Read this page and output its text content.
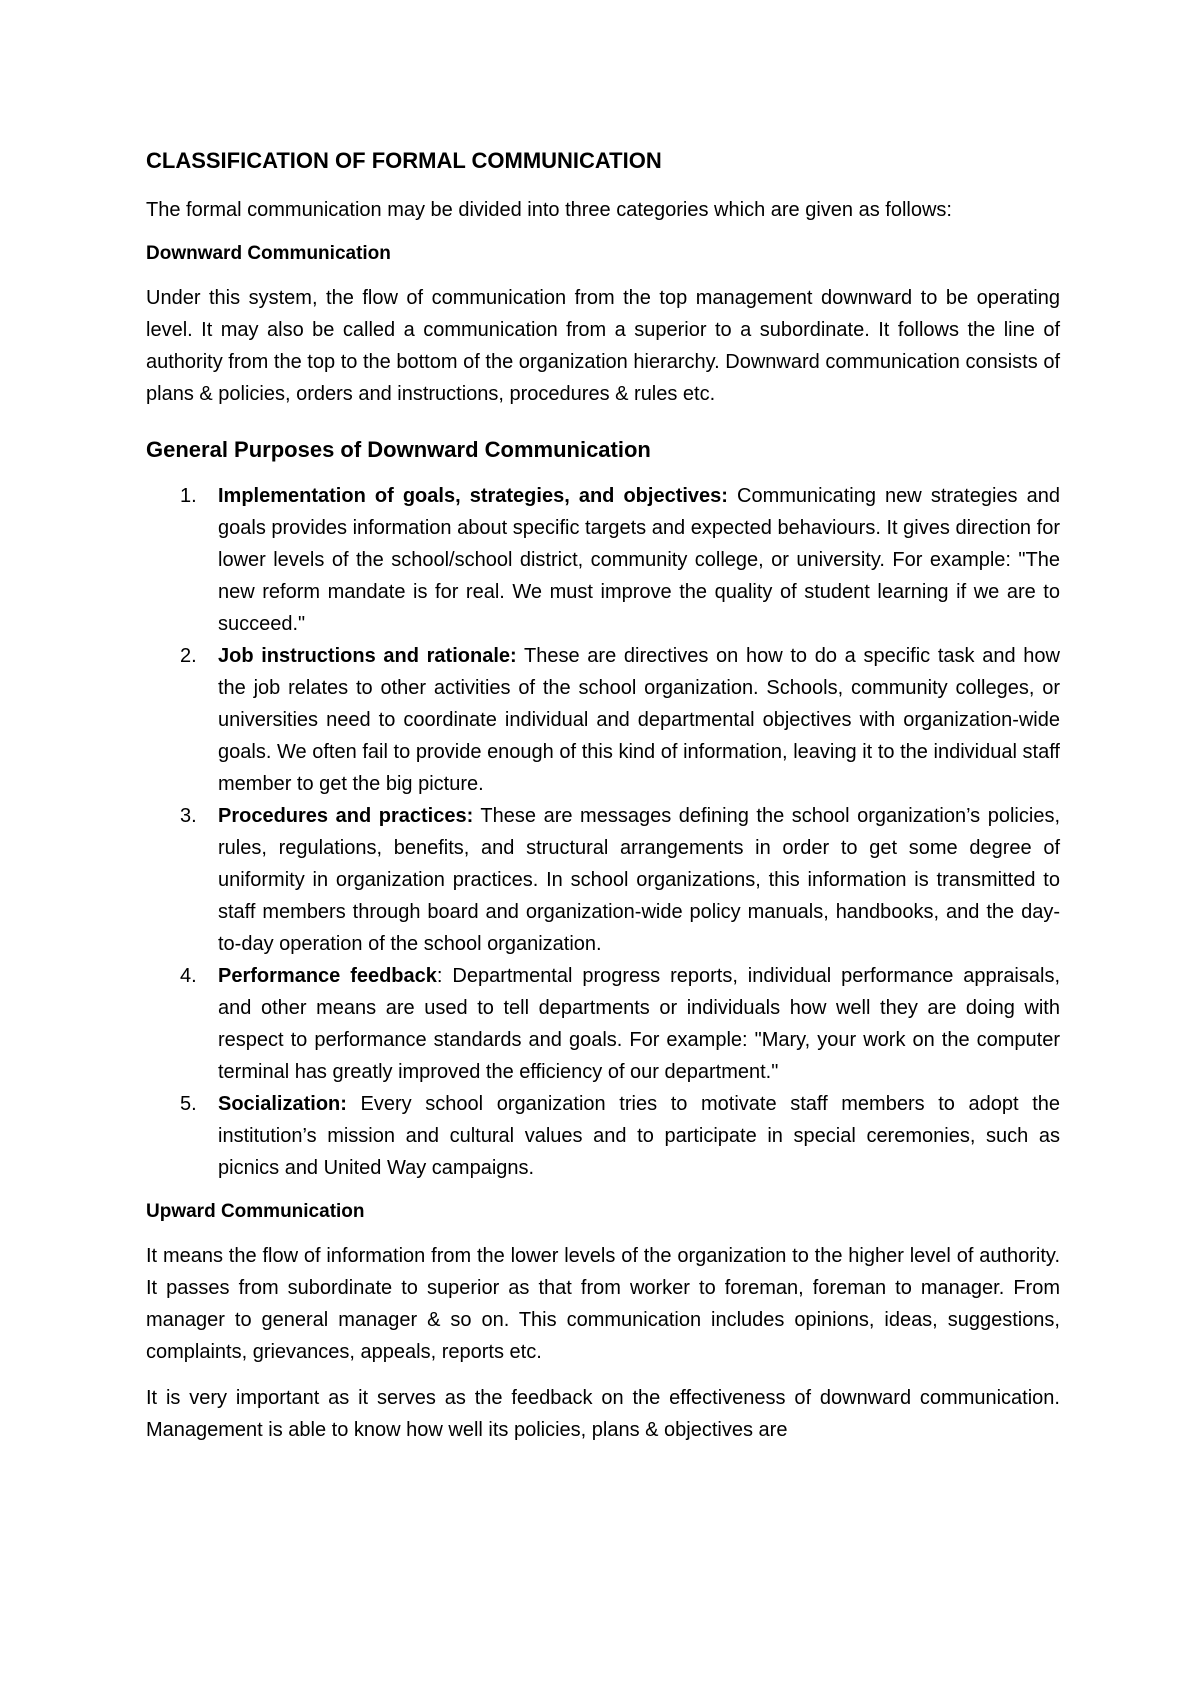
CLASSIFICATION OF FORMAL COMMUNICATION

The formal communication may be divided into three categories which are given as follows:

Downward Communication

Under this system, the flow of communication from the top management downward to be operating level. It may also be called a communication from a superior to a subordinate. It follows the line of authority from the top to the bottom of the organization hierarchy. Downward communication consists of plans & policies, orders and instructions, procedures & rules etc.

General Purposes of Downward Communication
1. Implementation of goals, strategies, and objectives: Communicating new strategies and goals provides information about specific targets and expected behaviours. It gives direction for lower levels of the school/school district, community college, or university. For example: "The new reform mandate is for real. We must improve the quality of student learning if we are to succeed."
2. Job instructions and rationale: These are directives on how to do a specific task and how the job relates to other activities of the school organization. Schools, community colleges, or universities need to coordinate individual and departmental objectives with organization-wide goals. We often fail to provide enough of this kind of information, leaving it to the individual staff member to get the big picture.
3. Procedures and practices: These are messages defining the school organization’s policies, rules, regulations, benefits, and structural arrangements in order to get some degree of uniformity in organization practices. In school organizations, this information is transmitted to staff members through board and organization-wide policy manuals, handbooks, and the day-to-day operation of the school organization.
4. Performance feedback: Departmental progress reports, individual performance appraisals, and other means are used to tell departments or individuals how well they are doing with respect to performance standards and goals. For example: "Mary, your work on the computer terminal has greatly improved the efficiency of our department."
5. Socialization: Every school organization tries to motivate staff members to adopt the institution’s mission and cultural values and to participate in special ceremonies, such as picnics and United Way campaigns.
Upward Communication

It means the flow of information from the lower levels of the organization to the higher level of authority. It passes from subordinate to superior as that from worker to foreman, foreman to manager. From manager to general manager & so on. This communication includes opinions, ideas, suggestions, complaints, grievances, appeals, reports etc.

It is very important as it serves as the feedback on the effectiveness of downward communication. Management is able to know how well its policies, plans & objectives are
